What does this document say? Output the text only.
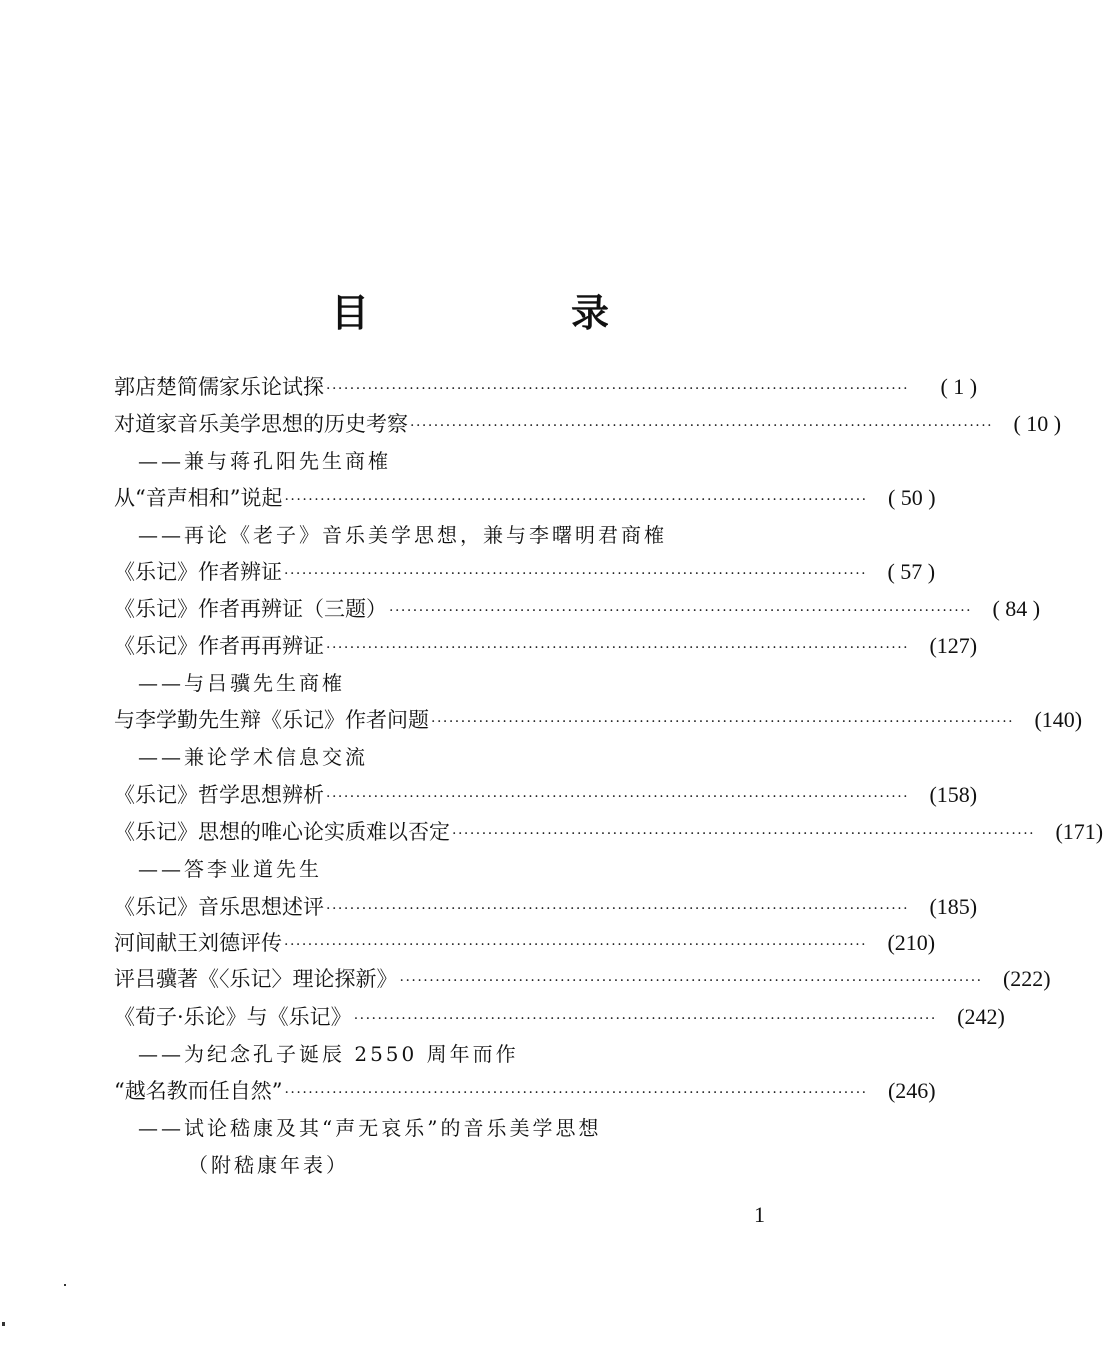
目　录
郭店楚简儒家乐论试探 ··································································································	( 1 )
对道家音乐美学思想的历史考察 ·································································································· ( 10 )
——兼与蒋孔阳先生商榷
从“音声相和”说起 ·································································································· ( 50 )
——再论《老子》音乐美学思想，兼与李曙明君商榷
《乐记》作者辨证 ·································································································· ( 57 )
《乐记》作者再辨证（三题） ·································································································· ( 84 )
《乐记》作者再再辨证 ·································································································· (127)
——与吕骥先生商榷
与李学勤先生辩《乐记》作者问题 ·································································································· (140)
——兼论学术信息交流
《乐记》哲学思想辨析 ·································································································· (158)
《乐记》思想的唯心论实质难以否定 ·································································································· (171)
——答李业道先生
《乐记》音乐思想述评 ·································································································· (185)
河间献王刘德评传 ·································································································· (210)
评吕骥著《〈乐记〉理论探新》 ·································································································· (222)
《荀子·乐论》与《乐记》 ·································································································· (242)
——为纪念孔子诞辰 2550 周年而作
“越名教而任自然” ·································································································· (246)
——试论嵇康及其“声无哀乐”的音乐美学思想
（附嵇康年表）
1
